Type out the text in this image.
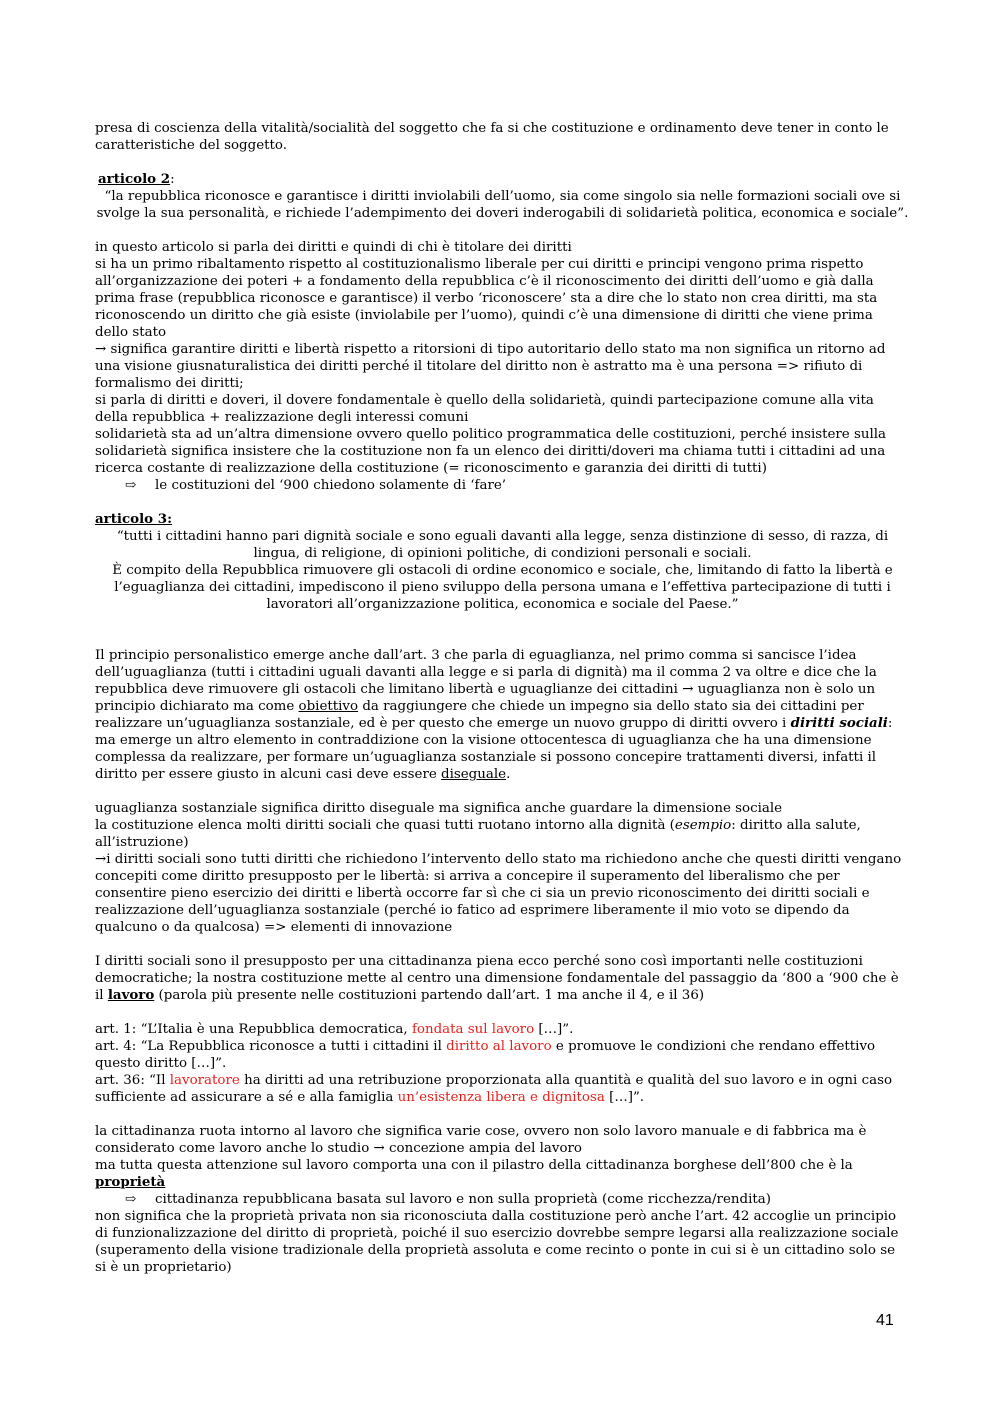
presa di coscienza della vitalità/socialità del soggetto che fa si che costituzione e ordinamento deve tener in conto le caratteristiche del soggetto.

articolo 2:

“la repubblica riconosce e garantisce i diritti inviolabili dell’uomo, sia come singolo sia nelle formazioni sociali ove si svolge la sua personalità, e richiede l’adempimento dei doveri inderogabili di solidarietà politica, economica e sociale”.

in questo articolo si parla dei diritti e quindi di chi è titolare dei diritti

si ha un primo ribaltamento rispetto al costituzionalismo liberale per cui diritti e principi vengono prima rispetto all’organizzazione dei poteri + a fondamento della repubblica c’è il riconoscimento dei diritti dell’uomo e già dalla prima frase (repubblica riconosce e garantisce) il verbo ‘riconoscere’ sta a dire che lo stato non crea diritti, ma sta riconoscendo un diritto che già esiste (inviolabile per l’uomo), quindi c’è una dimensione di diritti che viene prima dello stato

→ significa garantire diritti e libertà rispetto a ritorsioni di tipo autoritario dello stato ma non significa un ritorno ad una visione giusnaturalistica dei diritti perché il titolare del diritto non è astratto ma è una persona => rifiuto di formalismo dei diritti;

si parla di diritti e doveri, il dovere fondamentale è quello della solidarietà, quindi partecipazione comune alla vita della repubblica + realizzazione degli interessi comuni

solidarietà sta ad un’altra dimensione ovvero quello politico programmatica delle costituzioni, perché insistere sulla solidarietà significa insistere che la costituzione non fa un elenco dei diritti/doveri ma chiama tutti i cittadini ad una ricerca costante di realizzazione della costituzione (= riconoscimento e garanzia dei diritti di tutti)

⇨	le costituzioni del ‘900 chiedono solamente di ‘fare’

articolo 3:

“tutti i cittadini hanno pari dignità sociale e sono eguali davanti alla legge, senza distinzione di sesso, di razza, di lingua, di religione, di opinioni politiche, di condizioni personali e sociali.

È compito della Repubblica rimuovere gli ostacoli di ordine economico e sociale, che, limitando di fatto la libertà e l’eguaglianza dei cittadini, impediscono il pieno sviluppo della persona umana e l’effettiva partecipazione di tutti i lavoratori all’organizzazione politica, economica e sociale del Paese.”

Il principio personalistico emerge anche dall’art. 3 che parla di eguaglianza, nel primo comma si sancisce l’idea dell’uguaglianza (tutti i cittadini uguali davanti alla legge e si parla di dignità) ma il comma 2 va oltre e dice che la repubblica deve rimuovere gli ostacoli che limitano libertà e uguaglianze dei cittadini → uguaglianza non è solo un principio dichiarato ma come obiettivo da raggiungere che chiede un impegno sia dello stato sia dei cittadini per realizzare un’uguaglianza sostanziale, ed è per questo che emerge un nuovo gruppo di diritti ovvero i diritti sociali: ma emerge un altro elemento in contraddizione con la visione ottocentesca di uguaglianza che ha una dimensione complessa da realizzare, per formare un’uguaglianza sostanziale si possono concepire trattamenti diversi, infatti il diritto per essere giusto in alcuni casi deve essere diseguale.

uguaglianza sostanziale significa diritto diseguale ma significa anche guardare la dimensione sociale

la costituzione elenca molti diritti sociali che quasi tutti ruotano intorno alla dignità (esempio: diritto alla salute, all’istruzione)

→i diritti sociali sono tutti diritti che richiedono l’intervento dello stato ma richiedono anche che questi diritti vengano concepiti come diritto presupposto per le libertà: si arriva a concepire il superamento del liberalismo che per consentire pieno esercizio dei diritti e libertà occorre far sì che ci sia un previo riconoscimento dei diritti sociali e realizzazione dell’uguaglianza sostanziale (perché io fatico ad esprimere liberamente il mio voto se dipendo da qualcuno o da qualcosa) => elementi di innovazione

I diritti sociali sono il presupposto per una cittadinanza piena ecco perché sono così importanti nelle costituzioni democratiche; la nostra costituzione mette al centro una dimensione fondamentale del passaggio da ‘800 a ‘900 che è il lavoro (parola più presente nelle costituzioni partendo dall’art. 1 ma anche il 4, e il 36)

art. 1: “L’Italia è una Repubblica democratica, fondata sul lavoro […]”.

art. 4: “La Repubblica riconosce a tutti i cittadini il diritto al lavoro e promuove le condizioni che rendano effettivo questo diritto […]”.

art. 36: “Il lavoratore ha diritti ad una retribuzione proporzionata alla quantità e qualità del suo lavoro e in ogni caso sufficiente ad assicurare a sé e alla famiglia un’esistenza libera e dignitosa […]”.

la cittadinanza ruota intorno al lavoro che significa varie cose, ovvero non solo lavoro manuale e di fabbrica ma è considerato come lavoro anche lo studio → concezione ampia del lavoro

ma tutta questa attenzione sul lavoro comporta una con il pilastro della cittadinanza borghese dell’800 che è la proprietà

⇨	cittadinanza repubblicana basata sul lavoro e non sulla proprietà (come ricchezza/rendita)

non significa che la proprietà privata non sia riconosciuta dalla costituzione però anche l’art. 42 accoglie un principio di funzionalizzazione del diritto di proprietà, poiché il suo esercizio dovrebbe sempre legarsi alla realizzazione sociale (superamento della visione tradizionale della proprietà assoluta e come recinto o ponte in cui si è un cittadino solo se si è un proprietario)

41
